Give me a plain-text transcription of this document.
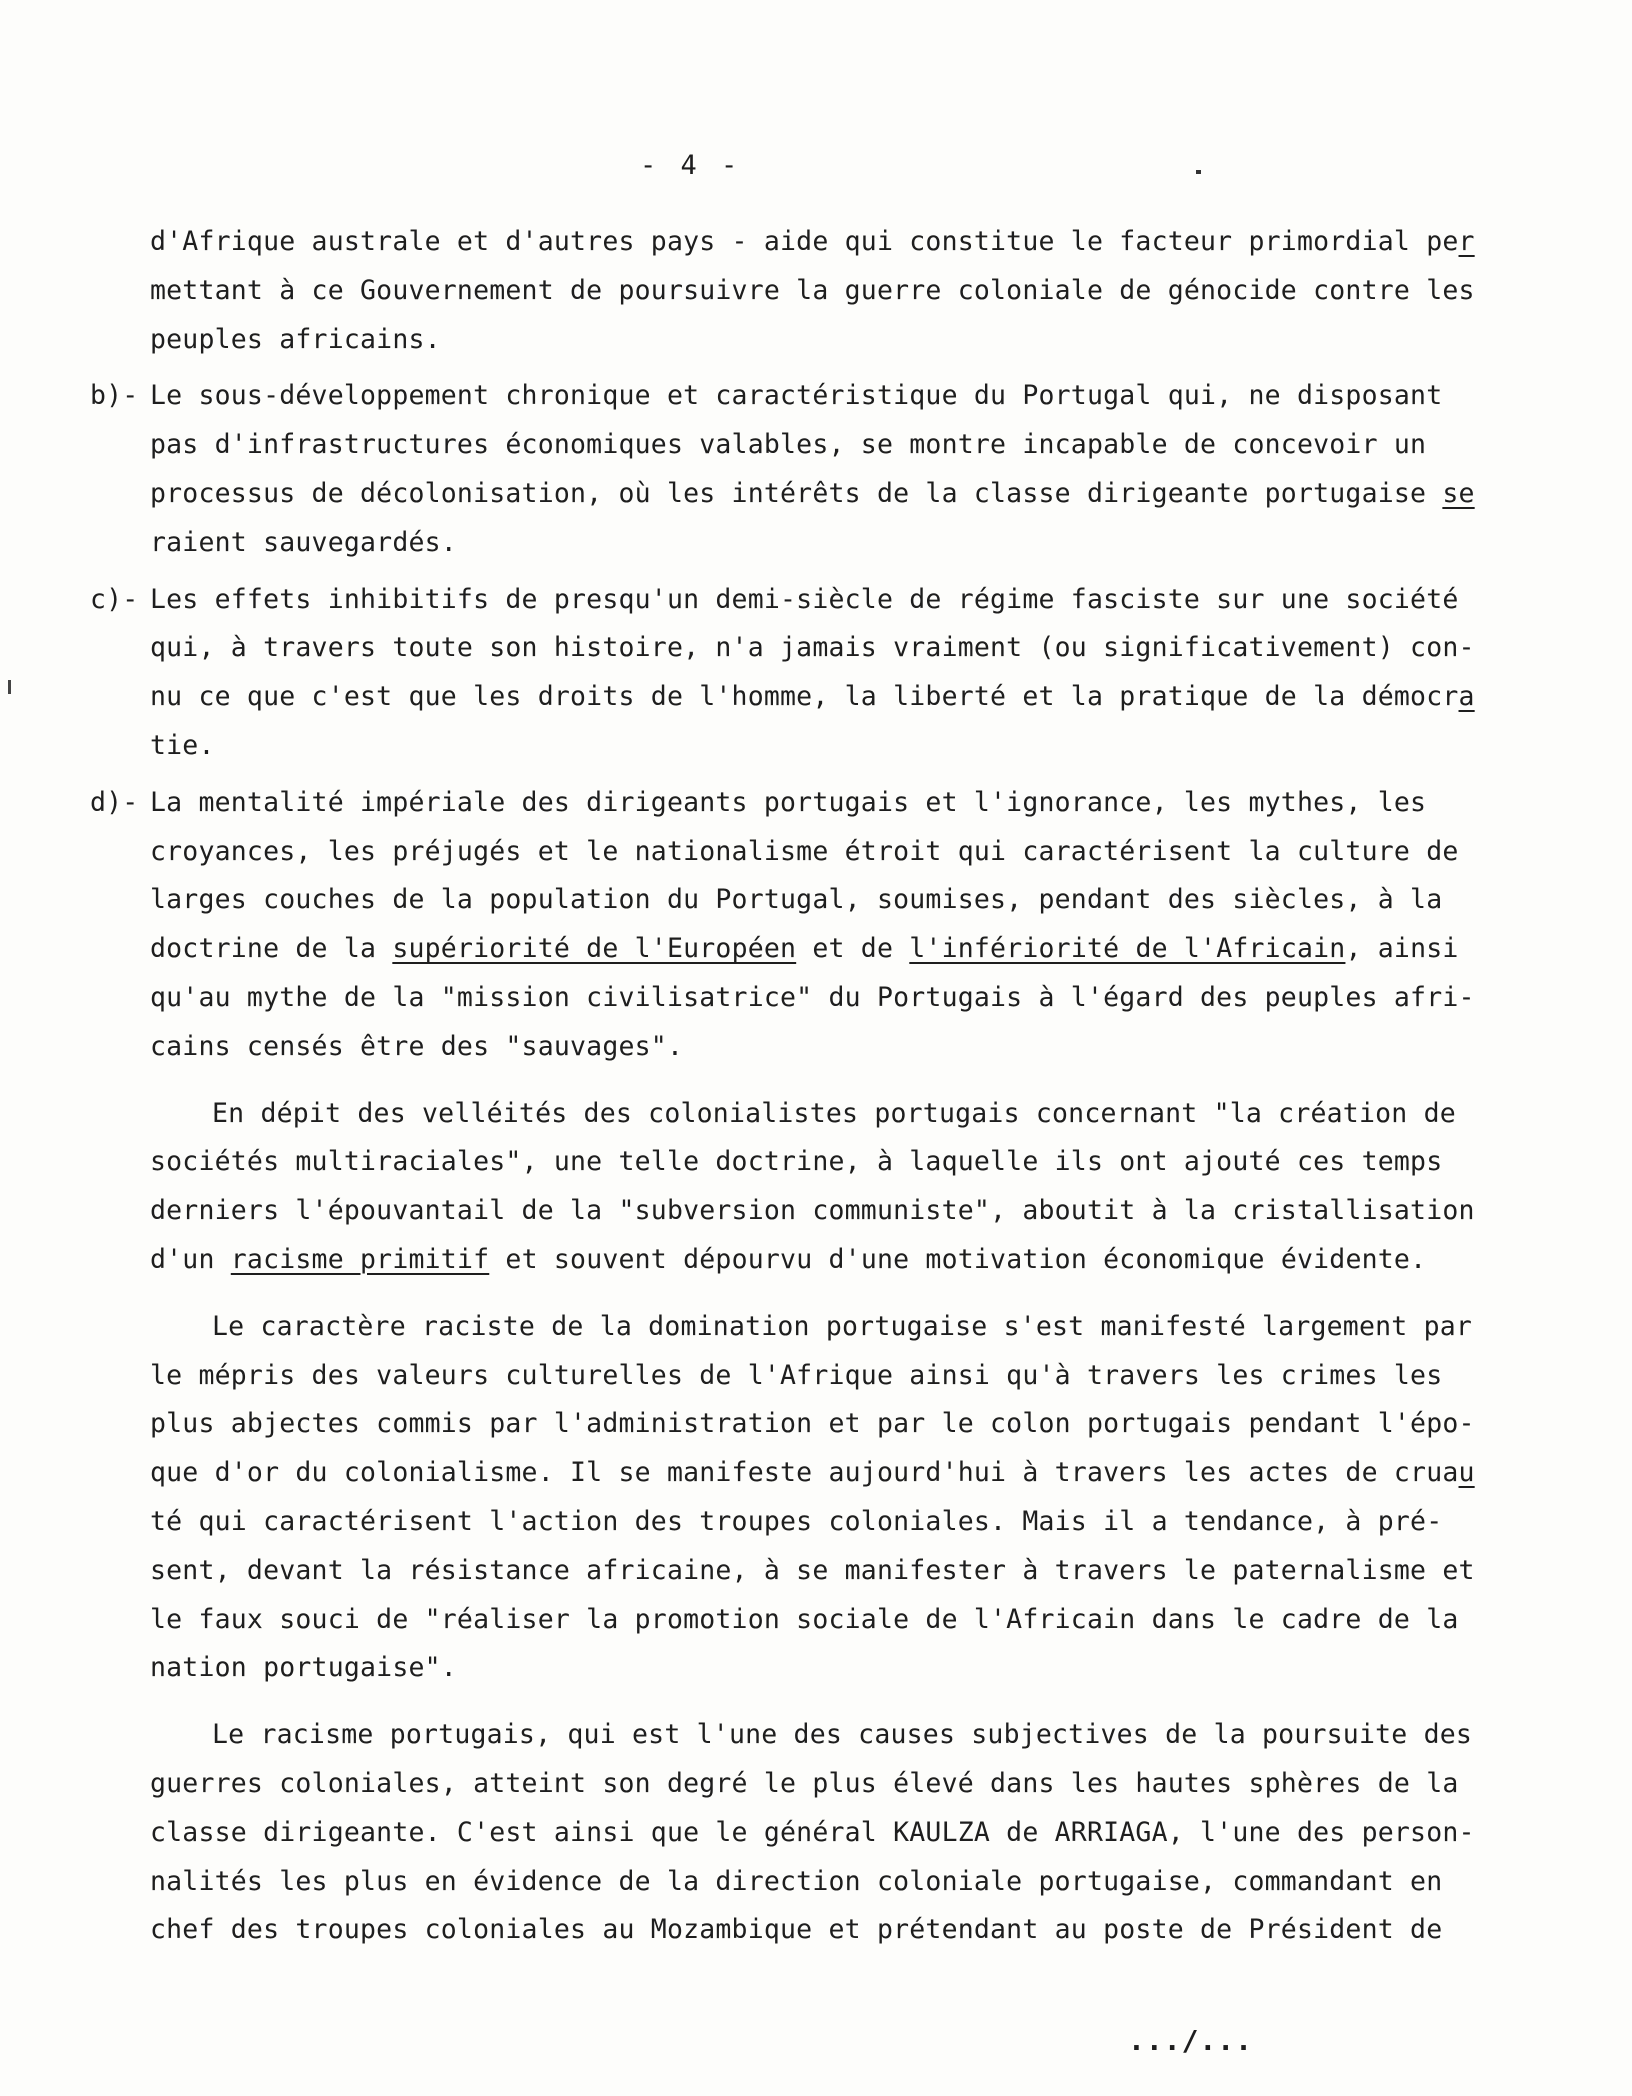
- 4 -
d'Afrique australe et d'autres pays - aide qui constitue le facteur primordial per
mettant à ce Gouvernement de poursuivre la guerre coloniale de génocide contre les
peuples africains.
b)- Le sous-développement chronique et caractéristique du Portugal qui, ne disposant
pas d'infrastructures économiques valables, se montre incapable de concevoir un
processus de décolonisation, où les intérêts de la classe dirigeante portugaise se
raient sauvegardés.
c)- Les effets inhibitifs de presqu'un demi-siècle de régime fasciste sur une société
qui, à travers toute son histoire, n'a jamais vraiment (ou significativement) con-
nu ce que c'est que les droits de l'homme, la liberté et la pratique de la démocra
tie.
d)- La mentalité impériale des dirigeants portugais et l'ignorance, les mythes, les
croyances, les préjugés et le nationalisme étroit qui caractérisent la culture de
larges couches de la population du Portugal, soumises, pendant des siècles, à la
doctrine de la supériorité de l'Européen et de l'infériorité de l'Africain, ainsi
qu'au mythe de la "mission civilisatrice" du Portugais à l'égard des peuples afri-
cains censés être des "sauvages".
En dépit des velléités des colonialistes portugais concernant "la création de
sociétés multiraciales", une telle doctrine, à laquelle ils ont ajouté ces temps
derniers l'épouvantail de la "subversion communiste", aboutit à la cristallisation
d'un racisme primitif et souvent dépourvu d'une motivation économique évidente.
Le caractère raciste de la domination portugaise s'est manifesté largement par
le mépris des valeurs culturelles de l'Afrique ainsi qu'à travers les crimes les
plus abjectes commis par l'administration et par le colon portugais pendant l'épo-
que d'or du colonialisme. Il se manifeste aujourd'hui à travers les actes de cruau
té qui caractérisent l'action des troupes coloniales. Mais il a tendance, à pré-
sent, devant la résistance africaine, à se manifester à travers le paternalisme et
le faux souci de "réaliser la promotion sociale de l'Africain dans le cadre de la
nation portugaise".
Le racisme portugais, qui est l'une des causes subjectives de la poursuite des
guerres coloniales, atteint son degré le plus élevé dans les hautes sphères de la
classe dirigeante. C'est ainsi que le général KAULZA de ARRIAGA, l'une des person-
nalités les plus en évidence de la direction coloniale portugaise, commandant en
chef des troupes coloniales au Mozambique et prétendant au poste de Président de
.../...
